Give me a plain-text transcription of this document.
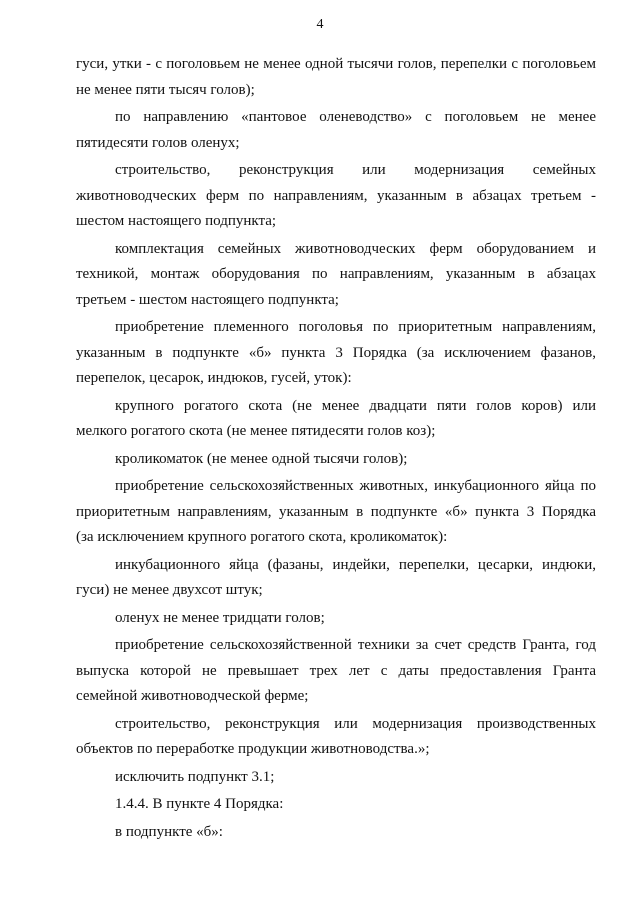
4

гуси, утки - с поголовьем не менее одной тысячи голов, перепелки с поголовьем
не менее пяти тысяч голов);

по направлению «пантовое оленеводство» с поголовьем не менее
пятидесяти голов оленух;

строительство, реконструкция или модернизация семейных
животноводческих ферм по направлениям, указанным в абзацах третьем -
шестом настоящего подпункта;

комплектация семейных животноводческих ферм оборудованием и
техникой, монтаж оборудования по направлениям, указанным в абзацах
третьем - шестом настоящего подпункта;

приобретение племенного поголовья по приоритетным направлениям,
указанным в подпункте «б» пункта 3 Порядка (за исключением фазанов,
перепелок, цесарок, индюков, гусей, уток):

крупного рогатого скота (не менее двадцати пяти голов коров) или
мелкого рогатого скота (не менее пятидесяти голов коз);

кроликоматок (не менее одной тысячи голов);

приобретение сельскохозяйственных животных, инкубационного яйца по
приоритетным направлениям, указанным в подпункте «б» пункта 3 Порядка
(за исключением крупного рогатого скота, кроликоматок):

инкубационного яйца (фазаны, индейки, перепелки, цесарки, индюки,
гуси) не менее двухсот штук;

оленух не менее тридцати голов;

приобретение сельскохозяйственной техники за счет средств Гранта, год
выпуска которой не превышает трех лет с даты предоставления Гранта
семейной животноводческой ферме;

строительство, реконструкция или модернизация производственных
объектов по переработке продукции животноводства.»;

исключить подпункт 3.1;

1.4.4. В пункте 4 Порядка:

в подпункте «б»:
